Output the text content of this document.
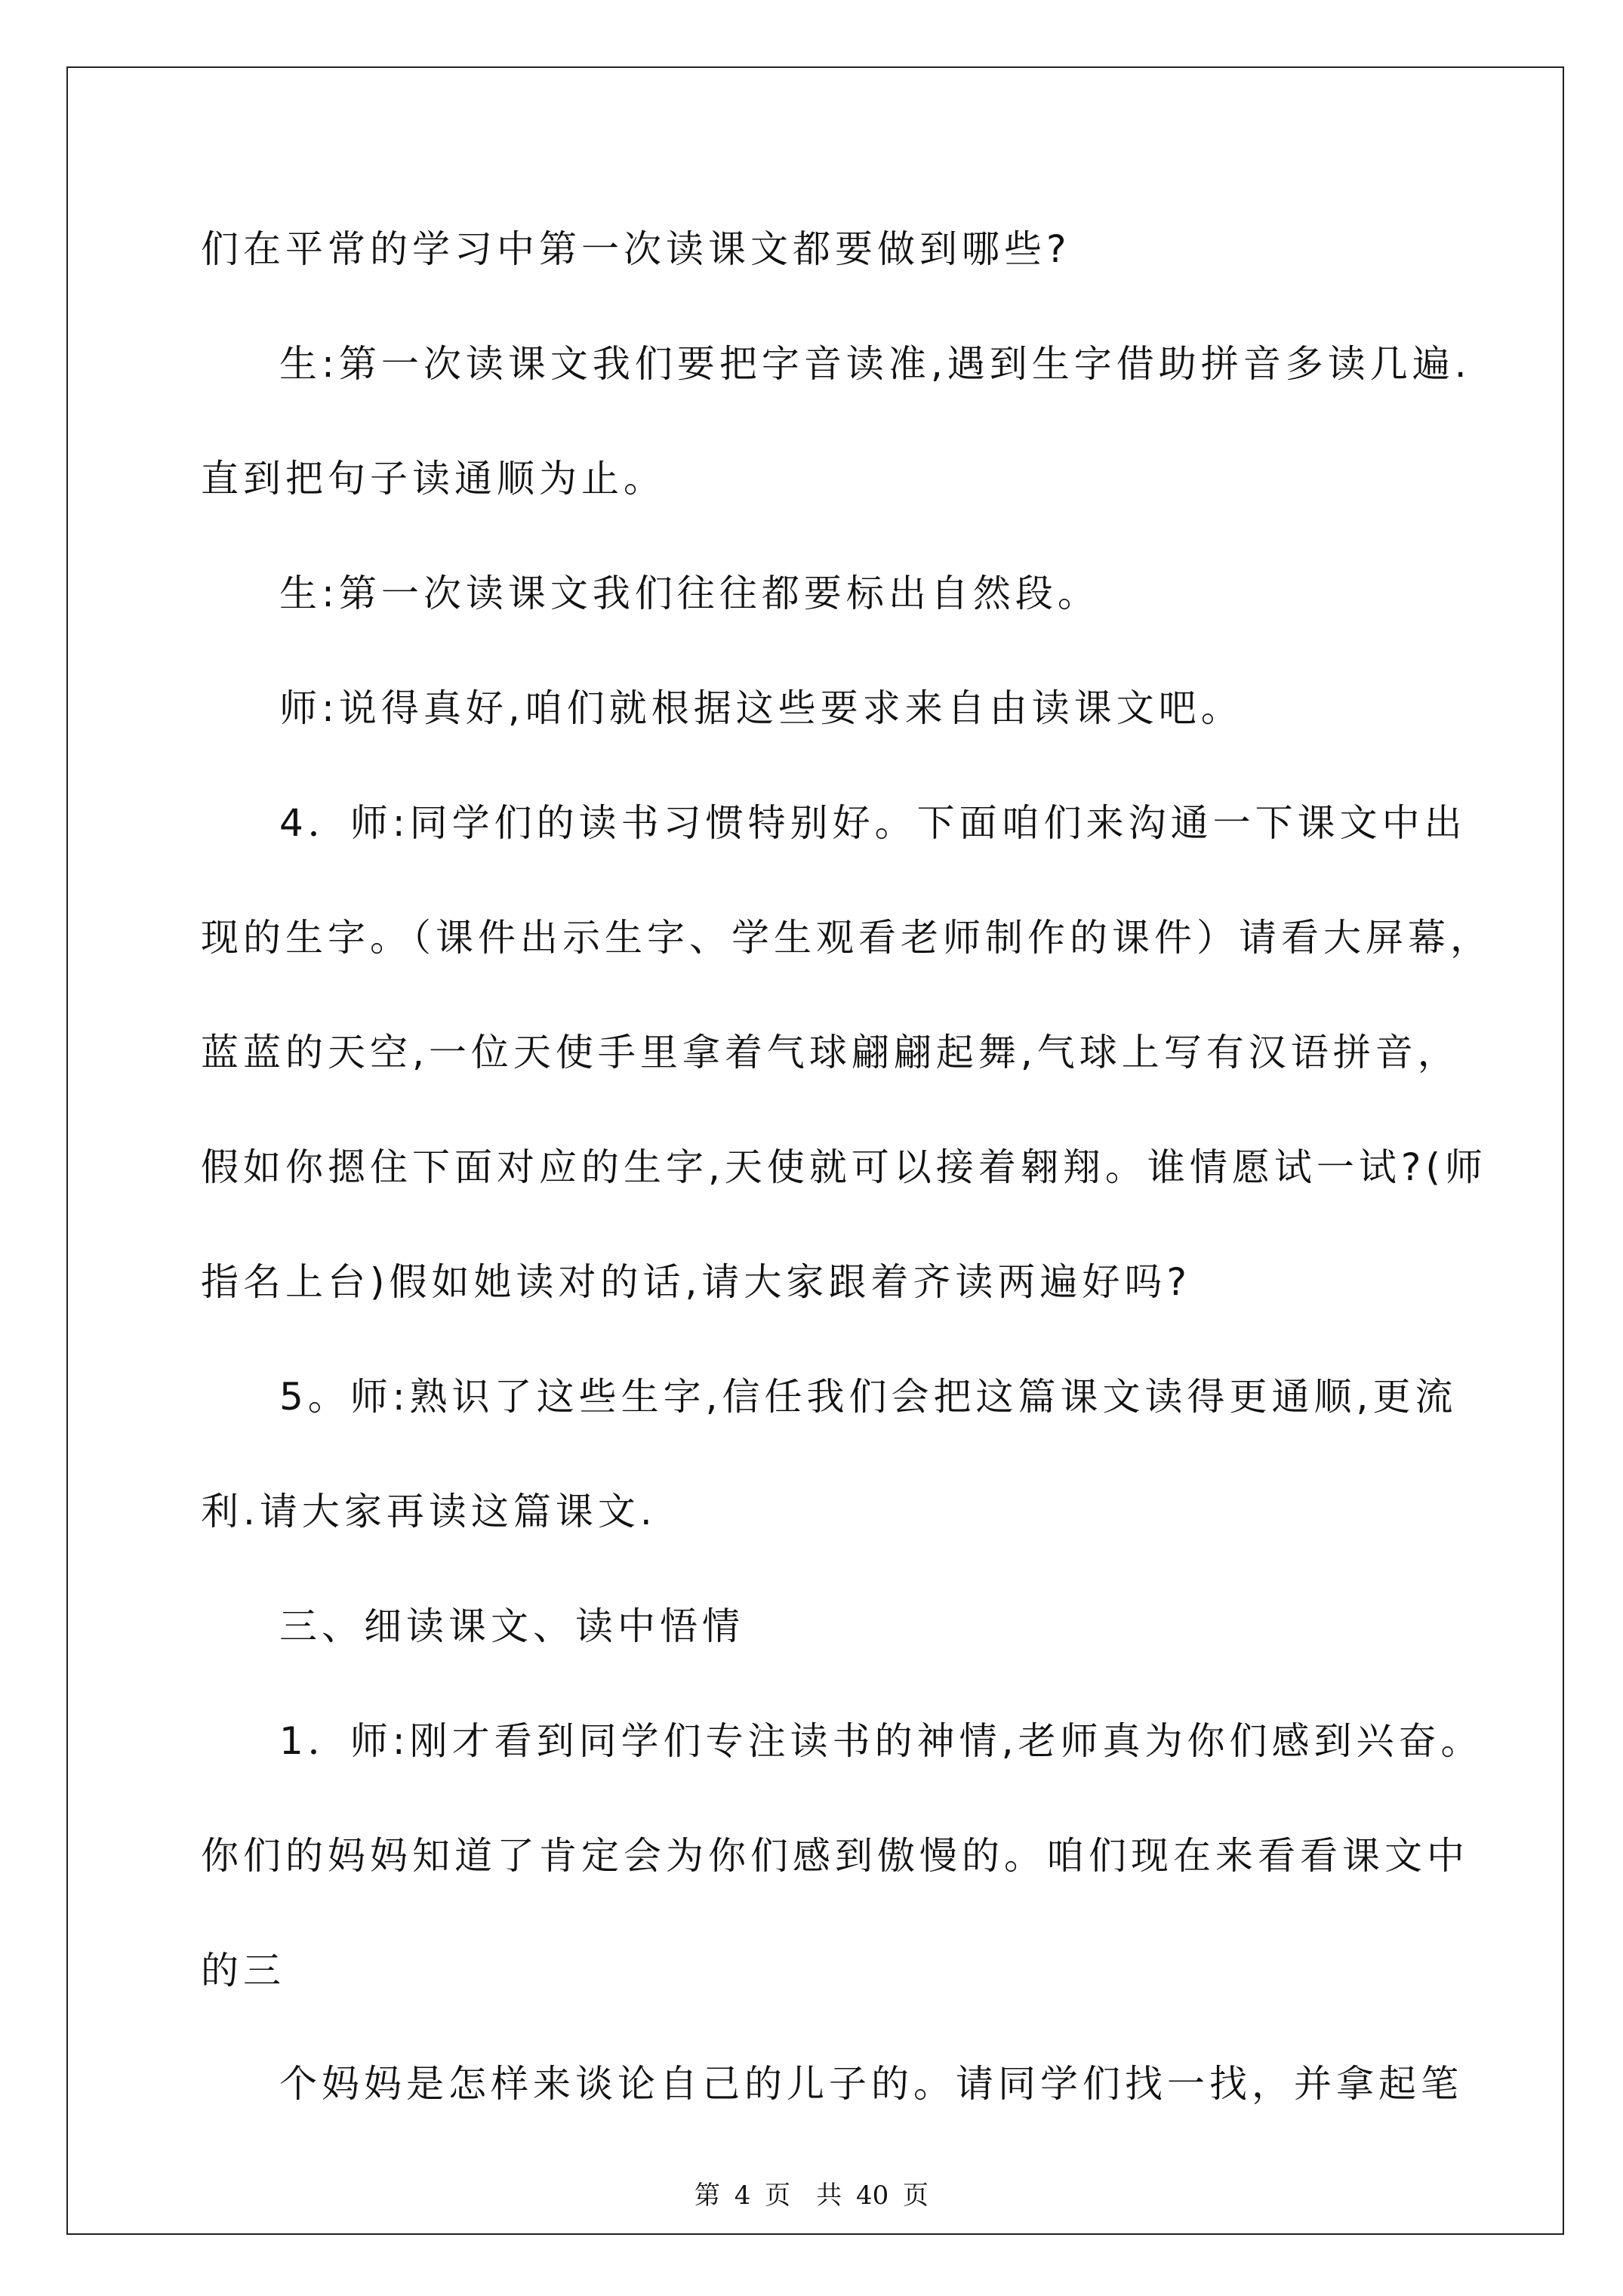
们在平常的学习中第一次读课文都要做到哪些?
生:第一次读课文我们要把字音读准,遇到生字借助拼音多读几遍.
直到把句子读通顺为止。
生:第一次读课文我们往往都要标出自然段。
师:说得真好,咱们就根据这些要求来自由读课文吧。
4．师:同学们的读书习惯特别好。下面咱们来沟通一下课文中出
现的生字。（课件出示生字、学生观看老师制作的课件）请看大屏幕，
蓝蓝的天空,一位天使手里拿着气球翩翩起舞,气球上写有汉语拼音，
假如你摁住下面对应的生字,天使就可以接着翱翔。谁情愿试一试?(师
指名上台)假如她读对的话,请大家跟着齐读两遍好吗?
5。师:熟识了这些生字,信任我们会把这篇课文读得更通顺,更流
利.请大家再读这篇课文.
三、细读课文、读中悟情
1．师:刚才看到同学们专注读书的神情,老师真为你们感到兴奋。
你们的妈妈知道了肯定会为你们感到傲慢的。咱们现在来看看课文中
的三
个妈妈是怎样来谈论自己的儿子的。请同学们找一找，并拿起笔
第 4 页　共 40 页
